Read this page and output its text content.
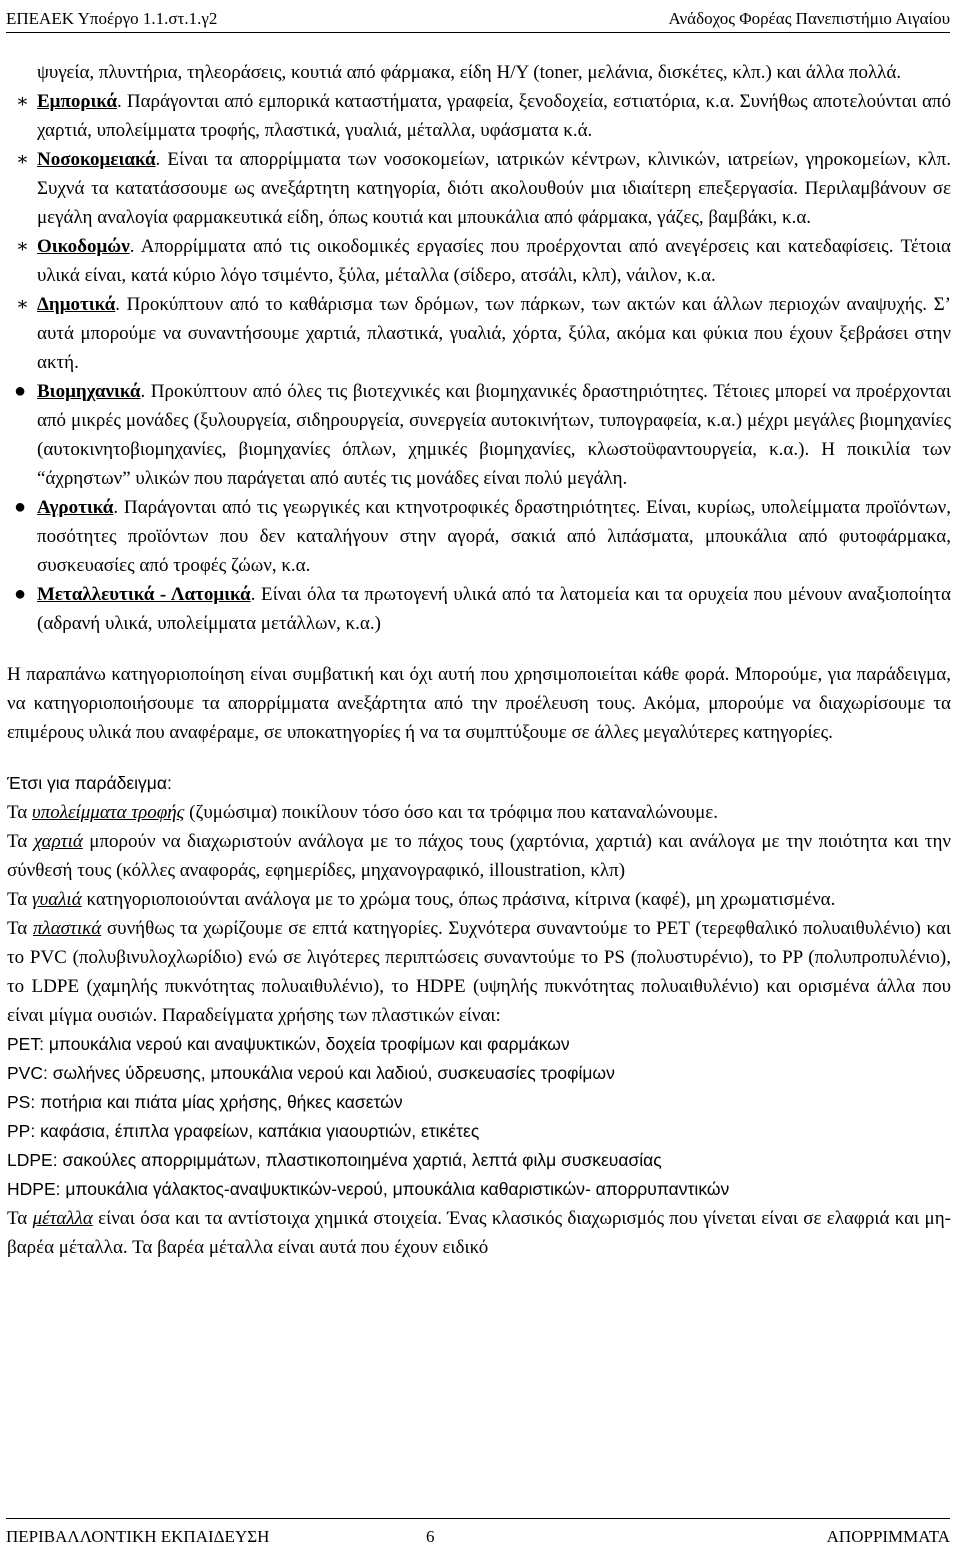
ΕΠΕΑΕΚ Υποέργο 1.1.στ.1.γ2	Ανάδοχος Φορέας Πανεπιστήμιο Αιγαίου

ψυγεία, πλυντήρια, τηλεοράσεις, κουτιά από φάρμακα, είδη Η/Υ (toner, μελάνια, δισκέτες, κλπ.) και άλλα πολλά.

∗ Εμπορικά. Παράγονται από εμπορικά καταστήματα, γραφεία, ξενοδοχεία, εστιατόρια, κ.α. Συνήθως αποτελούνται από χαρτιά, υπολείμματα τροφής, πλαστικά, γυαλιά, μέταλλα, υφάσματα κ.ά.

∗ Νοσοκομειακά. Είναι τα απορρίμματα των νοσοκομείων, ιατρικών κέντρων, κλινικών, ιατρείων, γηροκομείων, κλπ. Συχνά τα κατατάσσουμε ως ανεξάρτητη κατηγορία, διότι ακολουθούν μια ιδιαίτερη επεξεργασία. Περιλαμβάνουν σε μεγάλη αναλογία φαρμακευτικά είδη, όπως κουτιά και μπουκάλια από φάρμακα, γάζες, βαμβάκι, κ.α.

∗ Οικοδομών. Απορρίμματα από τις οικοδομικές εργασίες που προέρχονται από ανεγέρσεις και κατεδαφίσεις. Τέτοια υλικά είναι, κατά κύριο λόγο τσιμέντο, ξύλα, μέταλλα (σίδερο, ατσάλι, κλπ), νάιλον, κ.α.

∗ Δημοτικά. Προκύπτουν από το καθάρισμα των δρόμων, των πάρκων, των ακτών και άλλων περιοχών αναψυχής. Σ’ αυτά μπορούμε να συναντήσουμε χαρτιά, πλαστικά, γυαλιά, χόρτα, ξύλα, ακόμα και φύκια που έχουν ξεβράσει στην ακτή.

● Βιομηχανικά. Προκύπτουν από όλες τις βιοτεχνικές και βιομηχανικές δραστηριότητες. Τέτοιες μπορεί να προέρχονται από μικρές μονάδες (ξυλουργεία, σιδηρουργεία, συνεργεία αυτοκινήτων, τυπογραφεία, κ.α.) μέχρι μεγάλες βιομηχανίες (αυτοκινητοβιομηχανίες, βιομηχανίες όπλων, χημικές βιομηχανίες, κλωστοϋφαντουργεία, κ.α.). Η ποικιλία των “άχρηστων” υλικών που παράγεται από αυτές τις μονάδες είναι πολύ μεγάλη.

● Αγροτικά. Παράγονται από τις γεωργικές και κτηνοτροφικές δραστηριότητες. Είναι, κυρίως, υπολείμματα προϊόντων, ποσότητες προϊόντων που δεν καταλήγουν στην αγορά, σακιά από λιπάσματα, μπουκάλια από φυτοφάρμακα, συσκευασίες από τροφές ζώων, κ.α.

● Μεταλλευτικά - Λατομικά. Είναι όλα τα πρωτογενή υλικά από τα λατομεία και τα ορυχεία που μένουν αναξιοποίητα (αδρανή υλικά, υπολείμματα μετάλλων, κ.α.)

Η παραπάνω κατηγοριοποίηση είναι συμβατική και όχι αυτή που χρησιμοποιείται κάθε φορά. Μπορούμε, για παράδειγμα, να κατηγοριοποιήσουμε τα απορρίμματα ανεξάρτητα από την προέλευση τους. Ακόμα, μπορούμε να διαχωρίσουμε τα επιμέρους υλικά που αναφέραμε, σε υποκατηγορίες ή να τα συμπτύξουμε σε άλλες μεγαλύτερες κατηγορίες.

Έτσι για παράδειγμα:

Τα υπολείμματα τροφής (ζυμώσιμα) ποικίλουν τόσο όσο και τα τρόφιμα που καταναλώνουμε.

Τα χαρτιά μπορούν να διαχωριστούν ανάλογα με το πάχος τους (χαρτόνια, χαρτιά) και ανάλογα με την ποιότητα και την σύνθεσή τους (κόλλες αναφοράς, εφημερίδες, μηχανογραφικό, illoustration, κλπ)

Τα γυαλιά κατηγοριοποιούνται ανάλογα με το χρώμα τους, όπως πράσινα, κίτρινα (καφέ), μη χρωματισμένα.

Τα πλαστικά συνήθως τα χωρίζουμε σε επτά κατηγορίες. Συχνότερα συναντούμε το PET (τερεφθαλικό πολυαιθυλένιο) και το PVC (πολυβινυλοχλωρίδιο) ενώ σε λιγότερες περιπτώσεις συναντούμε το PS (πολυστυρένιο), το PP (πολυπροπυλένιο), το LDPE (χαμηλής πυκνότητας πολυαιθυλένιο), το HDPE (υψηλής πυκνότητας πολυαιθυλένιο) και ορισμένα άλλα που είναι μίγμα ουσιών. Παραδείγματα χρήσης των πλαστικών είναι:

PET: μπουκάλια νερού και αναψυκτικών, δοχεία τροφίμων και φαρμάκων

PVC: σωλήνες ύδρευσης, μπουκάλια νερού και λαδιού, συσκευασίες τροφίμων

PS: ποτήρια και πιάτα μίας χρήσης, θήκες κασετών

PP: καφάσια, έπιπλα γραφείων, καπάκια γιαουρτιών, ετικέτες

LDPE: σακούλες απορριμμάτων, πλαστικοποιημένα χαρτιά, λεπτά φιλμ συσκευασίας

HDPE: μπουκάλια γάλακτος-αναψυκτικών-νερού, μπουκάλια καθαριστικών- απορρυπαντικών

Τα μέταλλα είναι όσα και τα αντίστοιχα χημικά στοιχεία. Ένας κλασικός διαχωρισμός που γίνεται είναι σε ελαφριά και μη-βαρέα μέταλλα. Τα βαρέα μέταλλα είναι αυτά που έχουν ειδικό

ΠΕΡΙΒΑΛΛΟΝΤΙΚΗ ΕΚΠΑΙΔΕΥΣΗ	6	ΑΠΟΡΡΙΜΜΑΤΑ
